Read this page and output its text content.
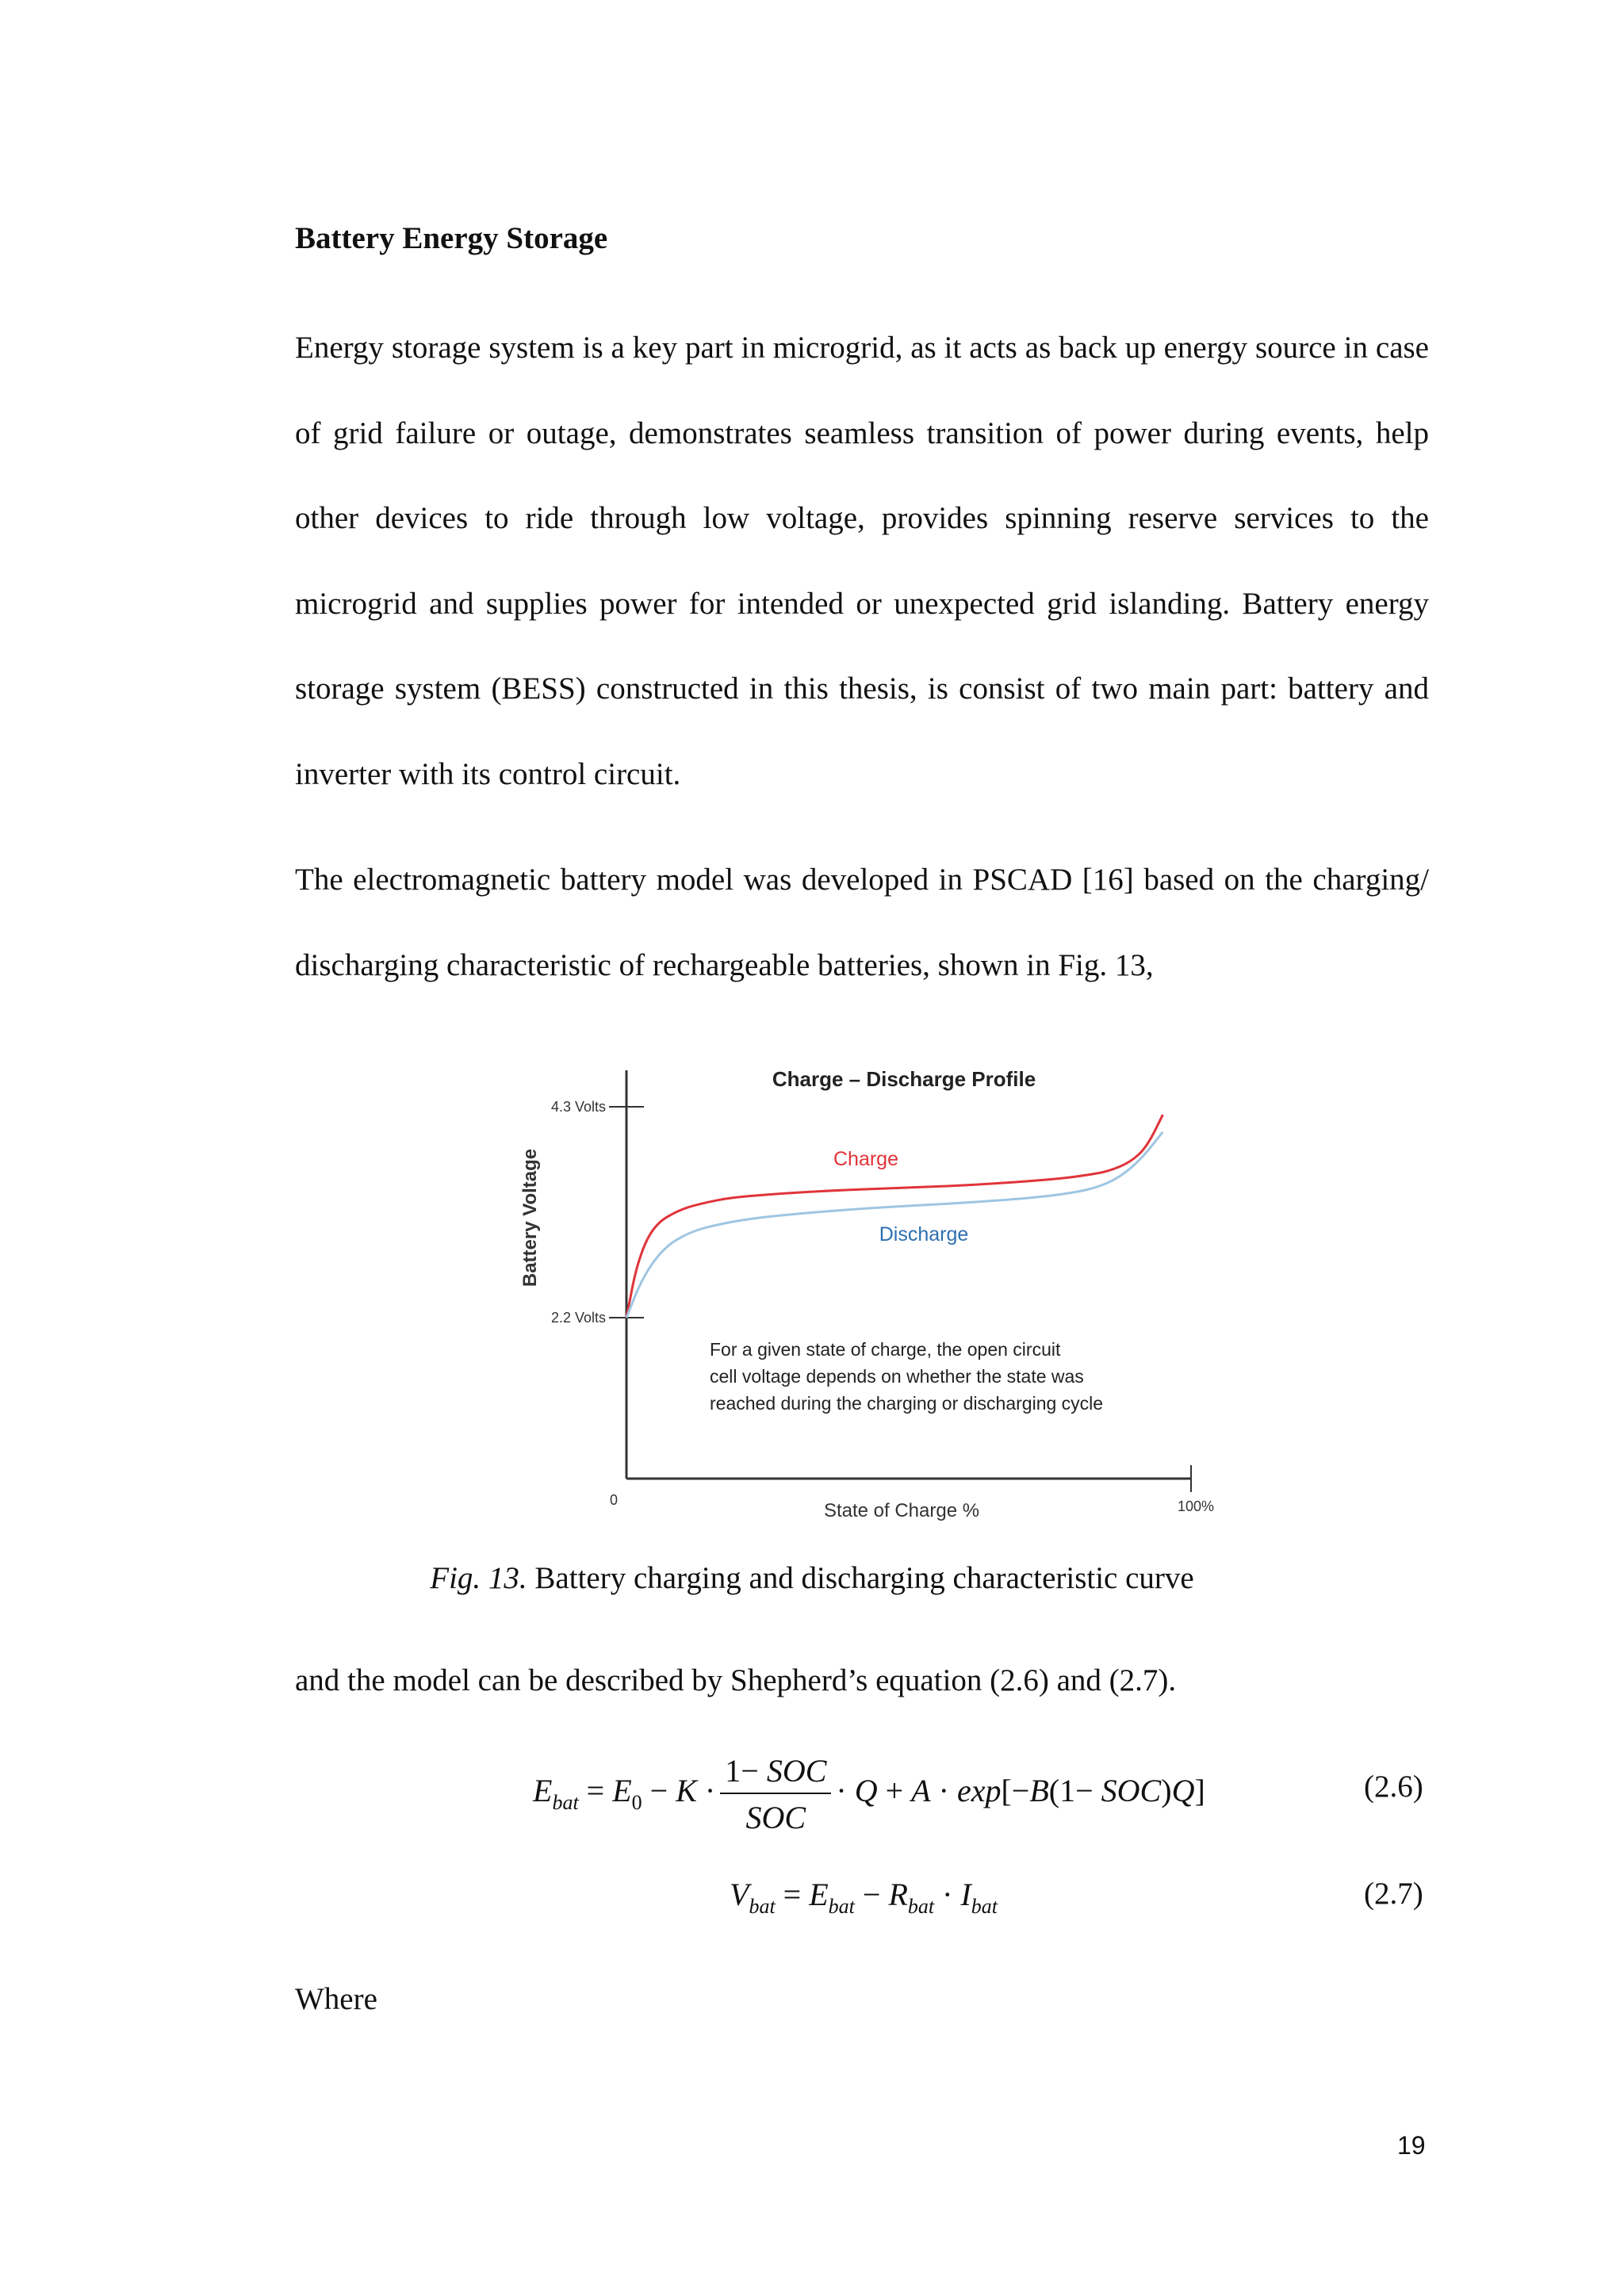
Battery Energy Storage

Energy storage system is a key part in microgrid, as it acts as back up energy source in case of grid failure or outage, demonstrates seamless transition of power during events, help other devices to ride through low voltage, provides spinning reserve services to the microgrid and supplies power for intended or unexpected grid islanding. Battery energy storage system (BESS) constructed in this thesis, is consist of two main part: battery and inverter with its control circuit.

The electromagnetic battery model was developed in PSCAD [16] based on the charging/ discharging characteristic of rechargeable batteries, shown in Fig. 13,

Charge – Discharge Profile
4.3 Volts
2.2 Volts
0	100%
Battery Voltage
State of Charge %
Charge
Discharge
For a given state of charge, the open circuit
cell voltage depends on whether the state was
reached during the charging or discharging cycle
Fig. 13. Battery charging and discharging characteristic curve

and the model can be described by Shepherd’s equation (2.6) and (2.7).

$E_{bat} = E_0 - K \cdot \frac{\text{1− SOC}}{\text{SOC}} \cdot Q + A \cdot \exp[-B(1- SOC)Q]$	(2.6)
$V_{bat} = E_{bat} - R_{bat} \cdot I_{bat}$	(2.7)

Where

19
